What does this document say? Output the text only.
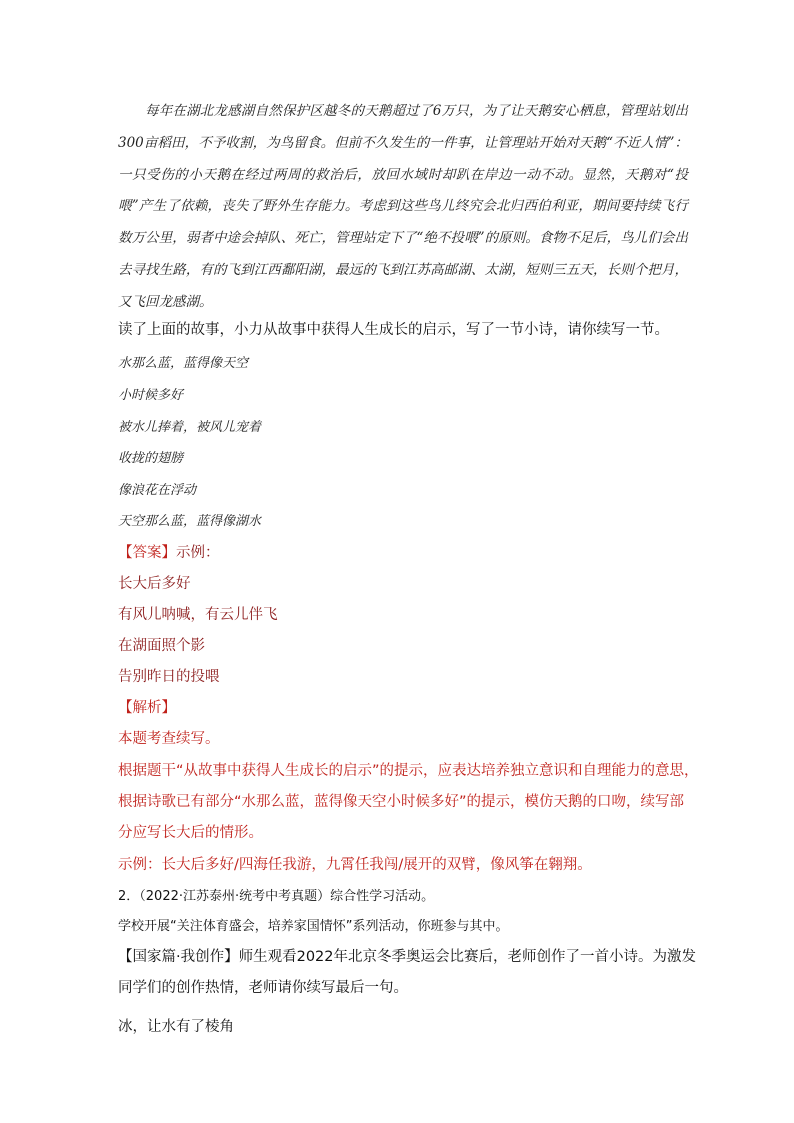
每年在湖北龙感湖自然保护区越冬的天鹅超过了6万只，为了让天鹅安心栖息，管理站划出300亩稻田，不予收割，为鸟留食。但前不久发生的一件事，让管理站开始对天鹅“不近人情”：一只受伤的小天鹅在经过两周的救治后，放回水域时却趴在岸边一动不动。显然，天鹅对“投喂”产生了依赖，丧失了野外生存能力。考虑到这些鸟儿终究会北归西伯利亚，期间要持续飞行数万公里，弱者中途会掉队、死亡，管理站定下了“绝不投喂”的原则。食物不足后，鸟儿们会出去寻找生路，有的飞到江西鄱阳湖，最远的飞到江苏高邮湖、太湖，短则三五天，长则个把月，又飞回龙感湖。

读了上面的故事，小力从故事中获得人生成长的启示，写了一节小诗，请你续写一节。
水那么蓝，蓝得像天空
小时候多好
被水儿捧着，被风儿宠着
收拢的翅膀
像浪花在浮动
天空那么蓝，蓝得像湖水
【答案】示例：
长大后多好
有风儿呐喊，有云儿伴飞
在湖面照个影
告别昨日的投喂
【解析】
本题考查续写。
根据题干“从故事中获得人生成长的启示”的提示，应表达培养独立意识和自理能力的意思，
根据诗歌已有部分“水那么蓝，蓝得像天空小时候多好”的提示，模仿天鹅的口吻，续写部
分应写长大后的情形。
示例：长大后多好/四海任我游，九霄任我闯/展开的双臂，像风筝在翱翔。
2．（2022·江苏泰州·统考中考真题）综合性学习活动。
学校开展“关注体育盛会，培养家国情怀”系列活动，你班参与其中。
【国家篇·我创作】师生观看2022年北京冬季奥运会比赛后，老师创作了一首小诗。为激发
同学们的创作热情，老师请你续写最后一句。
冰，让水有了棱角
